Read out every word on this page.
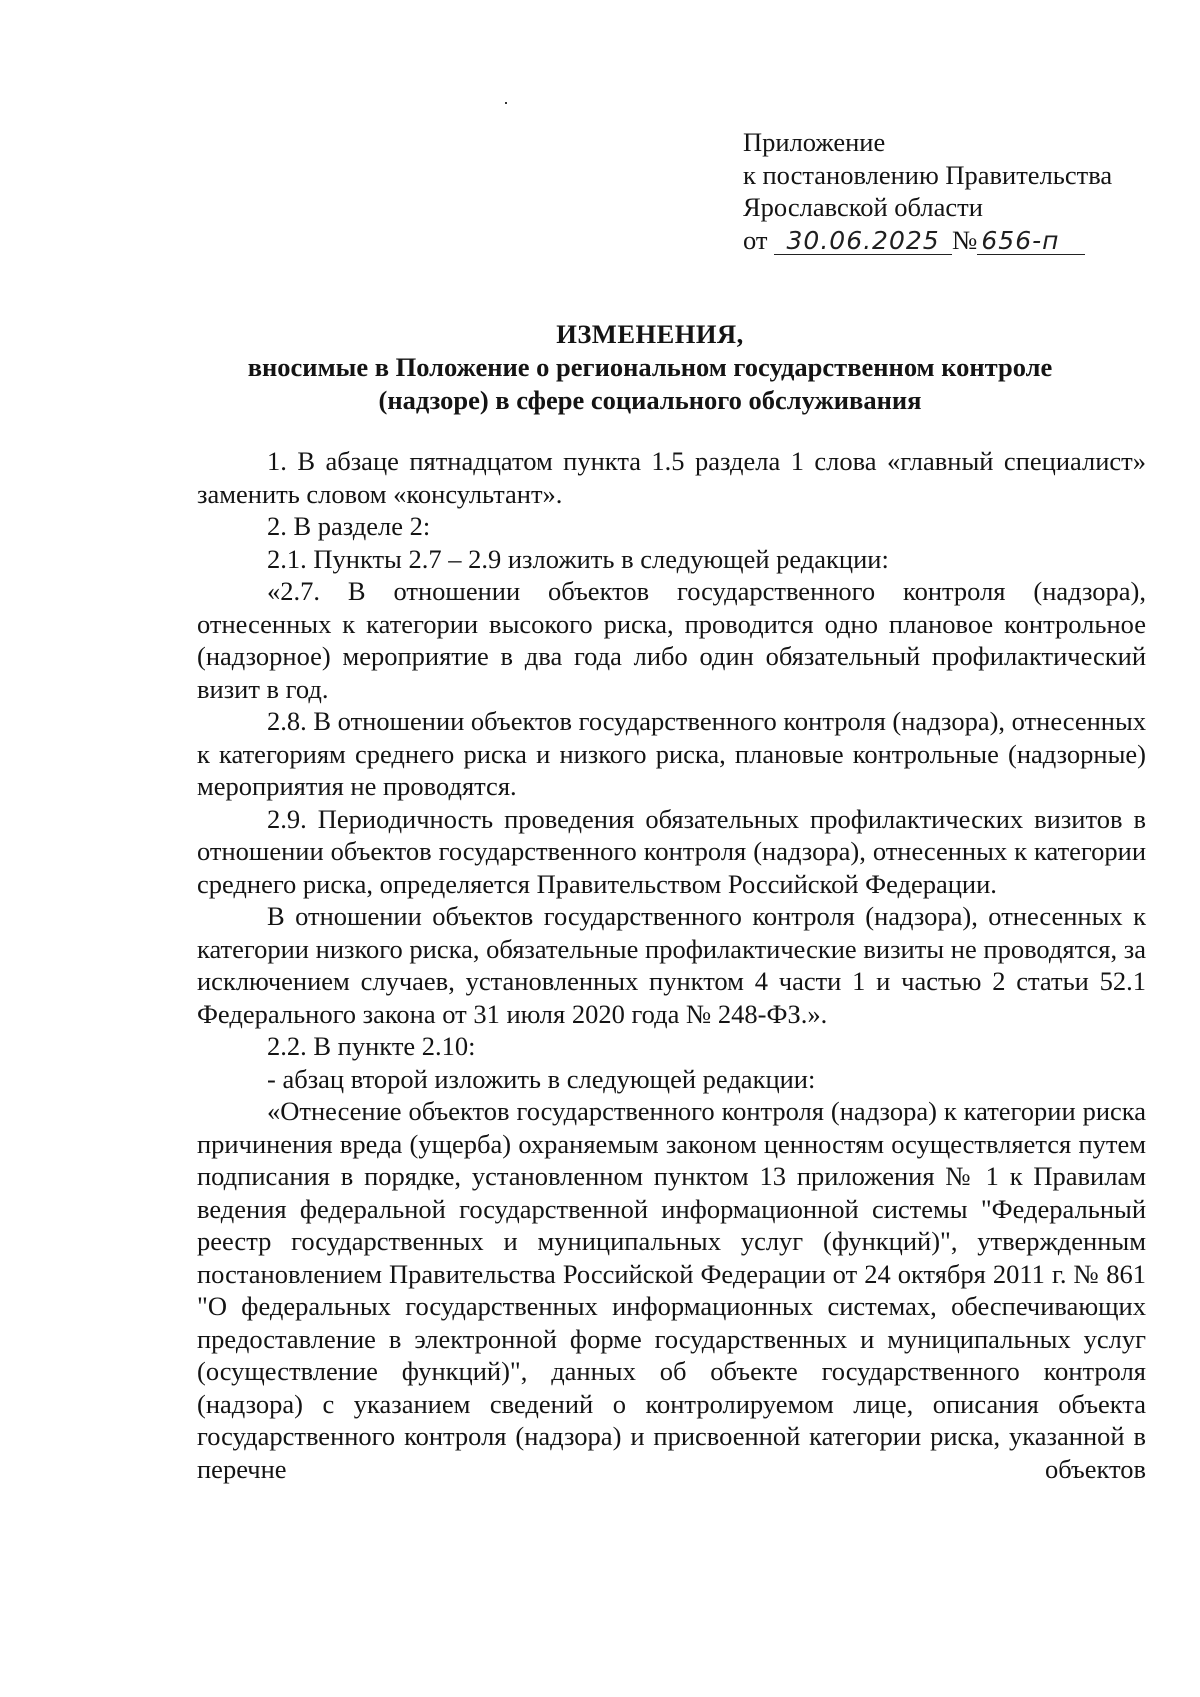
Приложение
к постановлению Правительства
Ярославской области
от 30.06.2025 № 656-п
ИЗМЕНЕНИЯ,
вносимые в Положение о региональном государственном контроле
(надзоре) в сфере социального обслуживания

1. В абзаце пятнадцатом пункта 1.5 раздела 1 слова «главный специалист» заменить словом «консультант».

2. В разделе 2:

2.1. Пункты 2.7 – 2.9 изложить в следующей редакции:

«2.7. В отношении объектов государственного контроля (надзора), отнесенных к категории высокого риска, проводится одно плановое контрольное (надзорное) мероприятие в два года либо один обязательный профилактический визит в год.

2.8. В отношении объектов государственного контроля (надзора), отнесенных к категориям среднего риска и низкого риска, плановые контрольные (надзорные) мероприятия не проводятся.

2.9. Периодичность проведения обязательных профилактических визитов в отношении объектов государственного контроля (надзора), отнесенных к категории среднего риска, определяется Правительством Российской Федерации.

В отношении объектов государственного контроля (надзора), отнесенных к категории низкого риска, обязательные профилактические визиты не проводятся, за исключением случаев, установленных пунктом 4 части 1 и частью 2 статьи 52.1 Федерального закона от 31 июля 2020 года № 248-ФЗ.».

2.2. В пункте 2.10:

- абзац второй изложить в следующей редакции:

«Отнесение объектов государственного контроля (надзора) к категории риска причинения вреда (ущерба) охраняемым законом ценностям осуществляется путем подписания в порядке, установленном пунктом 13 приложения № 1 к Правилам ведения федеральной государственной информационной системы "Федеральный реестр государственных и муниципальных услуг (функций)", утвержденным постановлением Правительства Российской Федерации от 24 октября 2011 г. № 861 "О федеральных государственных информационных системах, обеспечивающих предоставление в электронной форме государственных и муниципальных услуг (осуществление функций)", данных об объекте государственного контроля (надзора) с указанием сведений о контролируемом лице, описания объекта государственного контроля (надзора) и присвоенной категории риска, указанной в перечне объектов
